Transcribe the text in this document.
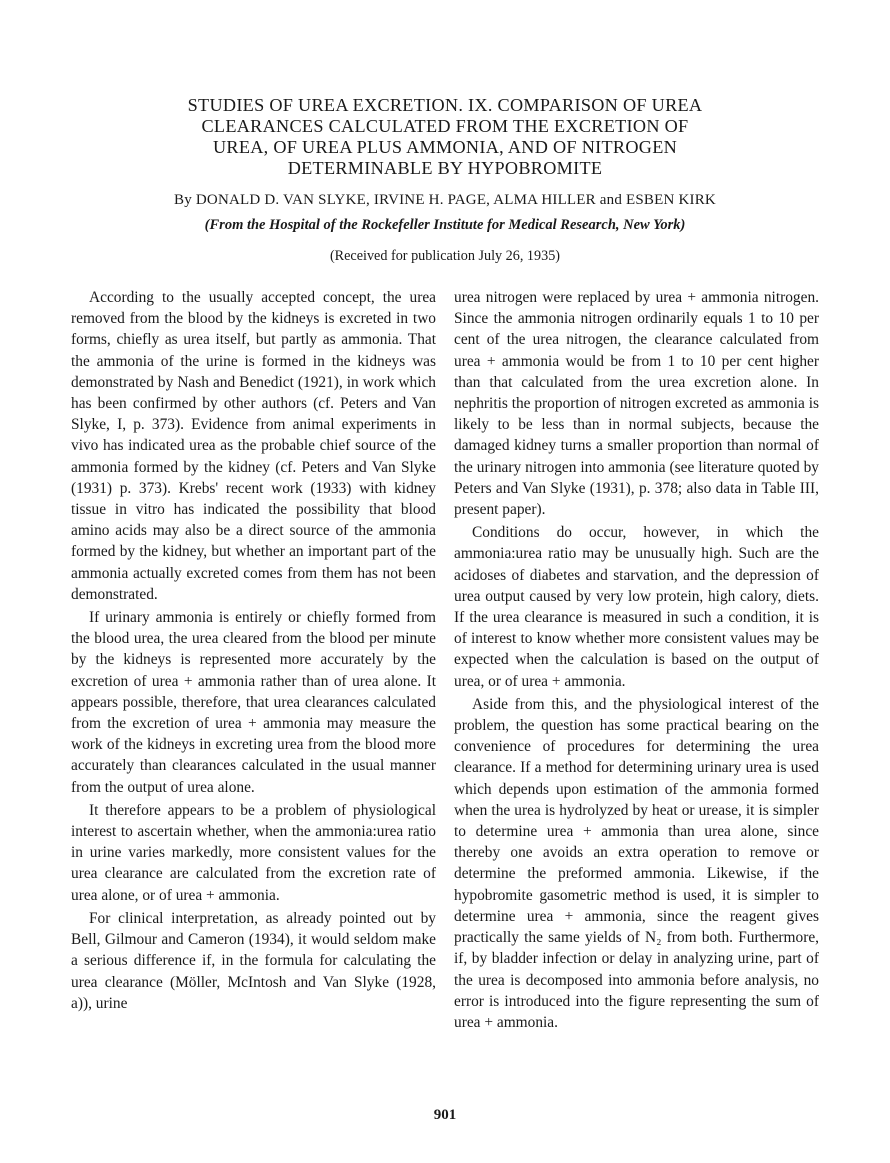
STUDIES OF UREA EXCRETION. IX. COMPARISON OF UREA
CLEARANCES CALCULATED FROM THE EXCRETION OF
UREA, OF UREA PLUS AMMONIA, AND OF NITROGEN
DETERMINABLE BY HYPOBROMITE
By DONALD D. VAN SLYKE, IRVINE H. PAGE, ALMA HILLER and ESBEN KIRK
(From the Hospital of the Rockefeller Institute for Medical Research, New York)
(Received for publication July 26, 1935)

According to the usually accepted concept, the urea removed from the blood by the kidneys is excreted in two forms, chiefly as urea itself, but partly as ammonia. That the ammonia of the urine is formed in the kidneys was demonstrated by Nash and Benedict (1921), in work which has been confirmed by other authors (cf. Peters and Van Slyke, I, p. 373). Evidence from animal experiments in vivo has indicated urea as the probable chief source of the ammonia formed by the kidney (cf. Peters and Van Slyke (1931) p. 373). Krebs' recent work (1933) with kidney tissue in vitro has indicated the possibility that blood amino acids may also be a direct source of the ammonia formed by the kidney, but whether an important part of the ammonia actually excreted comes from them has not been demonstrated.

If urinary ammonia is entirely or chiefly formed from the blood urea, the urea cleared from the blood per minute by the kidneys is represented more accurately by the excretion of urea + ammonia rather than of urea alone. It appears possible, therefore, that urea clearances calculated from the excretion of urea + ammonia may measure the work of the kidneys in excreting urea from the blood more accurately than clearances calculated in the usual manner from the output of urea alone.

It therefore appears to be a problem of physiological interest to ascertain whether, when the ammonia:urea ratio in urine varies markedly, more consistent values for the urea clearance are calculated from the excretion rate of urea alone, or of urea + ammonia.

For clinical interpretation, as already pointed out by Bell, Gilmour and Cameron (1934), it would seldom make a serious difference if, in the formula for calculating the urea clearance (Möller, McIntosh and Van Slyke (1928, a)), urine

urea nitrogen were replaced by urea + ammonia nitrogen. Since the ammonia nitrogen ordinarily equals 1 to 10 per cent of the urea nitrogen, the clearance calculated from urea + ammonia would be from 1 to 10 per cent higher than that calculated from the urea excretion alone. In nephritis the proportion of nitrogen excreted as ammonia is likely to be less than in normal subjects, because the damaged kidney turns a smaller proportion than normal of the urinary nitrogen into ammonia (see literature quoted by Peters and Van Slyke (1931), p. 378; also data in Table III, present paper).

Conditions do occur, however, in which the ammonia:urea ratio may be unusually high. Such are the acidoses of diabetes and starvation, and the depression of urea output caused by very low protein, high calory, diets. If the urea clearance is measured in such a condition, it is of interest to know whether more consistent values may be expected when the calculation is based on the output of urea, or of urea + ammonia.

Aside from this, and the physiological interest of the problem, the question has some practical bearing on the convenience of procedures for determining the urea clearance. If a method for determining urinary urea is used which depends upon estimation of the ammonia formed when the urea is hydrolyzed by heat or urease, it is simpler to determine urea + ammonia than urea alone, since thereby one avoids an extra operation to remove or determine the preformed ammonia. Likewise, if the hypobromite gasometric method is used, it is simpler to determine urea + ammonia, since the reagent gives practically the same yields of N₂ from both. Furthermore, if, by bladder infection or delay in analyzing urine, part of the urea is decomposed into ammonia before analysis, no error is introduced into the figure representing the sum of urea + ammonia.

901
